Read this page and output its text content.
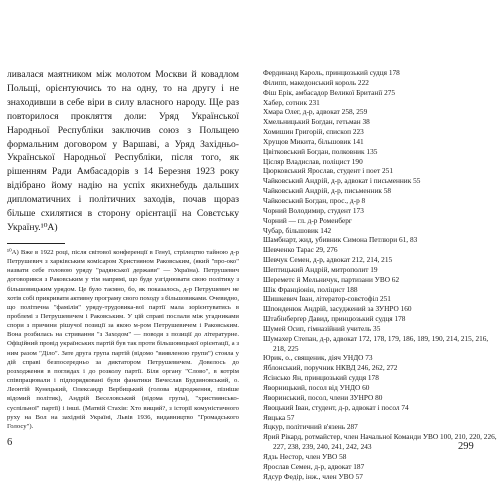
ливалася маятником між молотом Москви й ковадлом Польщі, орієнтуючись то на одну, то на другу і не знаходивши в себе віри в силу власного народу. Ще раз повторилося прокляття доли: Уряд Української Народньої Республіки заключив союз з Польщею формальним договором у Варшаві, а Уряд Західньо-Української Народньої Республіки, після того, як рішенням Ради Амбасадорів з 14 Березня 1923 року відібрано йому надію на успіх якихнебудь дальших дипломатичних і політичних заходів, почав щораз більше схилятися в сторону орієнтації на Совєтську Україну.¹⁰A)

¹⁰A) Вже в 1922 році, після світової конференції в Генуї, стрілецтво тайною д-р Петрушевич з харківським комісаром Християном Раковським, (який "про-око" назвати себе головою уряду "радянської держави" — Україна). Петрушевич договорився з Раковським у тім напрямі, що буде узгіднювати свою політику з більшовицьким урядом. Це було таємно, бо, як показалось, д-р Петрушевич не хотів собі прикривати активну програму свого походу з більшовиками. Очевидно, що політична "фамілія" уряду-трудовика-вої партії мала зорієнтуватись в проблемі з Петрушевичем і Раковським. У цій справі послали між угадниками спори з причини рішучої позиції за якою м-ром Петрушевичем і Раковським. Вона розбилась на стривання "з Заходом" — поводя з позиції до літературне. Офіційний провід українських партій був так проти більшовицької орієнтації, а з ним разом "Діло". Зате друга група партій (відомо "виявленою групи") стояла у дій справі безпосередньо за диктатором Петрушевичем. Довелось до розходження в поглядах і до розколу партії. Біля органу "Слово", в котрім співпрацювали і підпорядковані були фанатики Вячеслав Будзиновський, о. Леонтій Кунецький, Олександр Вербицький (голова відродження, пізніше відомий політик), Андрій Веселовський (відома група), "християнсько-суспільної" партії) і інші. (Матвій Стахів: Хто вищий?, з історії комуністичного руху на Вол на західній Україні, Львів 1936, видавництво "Громадського Голосу").

6
Фердинанд Кароль, принцюзький судця 178
Філипп, македонський король 222
Фіш Ерік, амбасадор Великої Британії 275
Хабер, сотник 231
Хмара Олег, д-р, адвокат 258, 259
Хмельницький Богдан, гетьман 38
Хомишин Григорій, єпископ 223
Хрущов Микита, більшовик 141
Цвітковський Богдан, полковник 135
Цісляр Владислав, поліцист 190
Цюрковський Ярослав, студент і поет 251
Чайковський Андрій, д-р, адвокат і письменник 55
Чайковський Андрій, д-р, письменник 58
Чайковський Богдан, прос., д-р 8
Чорний Володимир, студент 173
Чорний — гл. д-р Роменберг
Чубар, більшовик 142
Шамбнарт, жид, убивник Симона Петлюри 61, 83
Шевченко Тарас 29, 276
Шевчук Семен, д-р, адвокат 212, 214, 215
Шептицький Андрій, митрополит 19
Шереметє й Мельничук, партизани УВО 62
Шік Франціонін, поліцист 188
Шишкевич Іван, літератор-совєтофіл 251
Шпонденюк Андрій, засуджений за ЗУНРО 160
Штабінберґер Давид, принцюзький судця 178
Шумей Осип, гімназійний учитель 35
Шумахер Степан, д-р, адвокат 172, 178, 179, 186, 189, 190, 214, 215, 216, 218, 225
Юрик, о., священик, діяч УНДО 73
Яблонський, поручник НКВД 246, 262, 272
Ясінсько Ян, принцюзький судця 178
Яворницький, посол від УНДО 60
Яворинський, посол, члени ЗУНРО 80
Явоцький Іван, студент, д-р, адвокат і посол 74
Явцька 57
Яцкур, політичний в'язень 287
Ярий Рікард, ротмайстер, член Начальної Команди УВО 100, 210, 220, 226, 227, 238, 239, 240, 241, 242, 243
Ядзь Нестор, член УВО 58
Ярослав Семен, д-р, адвокат 187
Ядсур Федір, інж., член УВО 57
299
